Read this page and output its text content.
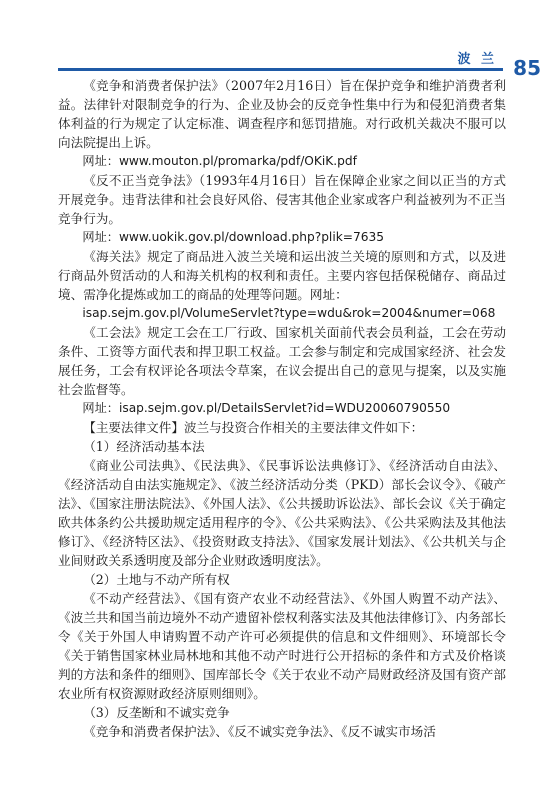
波 兰 85

《竞争和消费者保护法》（2007年2月16日）旨在保护竞争和维护消费者利益。法律针对限制竞争的行为、企业及协会的反竞争性集中行为和侵犯消费者集体利益的行为规定了认定标准、调查程序和惩罚措施。对行政机关裁决不服可以向法院提出上诉。

网址：www.mouton.pl/promarka/pdf/OKiK.pdf

《反不正当竞争法》（1993年4月16日）旨在保障企业家之间以正当的方式开展竞争。违背法律和社会良好风俗、侵害其他企业家或客户利益被列为不正当竞争行为。

网址：www.uokik.gov.pl/download.php?plik=7635

《海关法》规定了商品进入波兰关境和运出波兰关境的原则和方式，以及进行商品外贸活动的人和海关机构的权利和责任。主要内容包括保税储存、商品过境、需净化提炼或加工的商品的处理等问题。网址：

isap.sejm.gov.pl/VolumeServlet?type=wdu&rok=2004&numer=068

《工会法》规定工会在工厂行政、国家机关面前代表会员利益，工会在劳动条件、工资等方面代表和捍卫职工权益。工会参与制定和完成国家经济、社会发展任务，工会有权评论各项法令草案，在议会提出自己的意见与提案，以及实施社会监督等。

网址：isap.sejm.gov.pl/DetailsServlet?id=WDU20060790550

【主要法律文件】波兰与投资合作相关的主要法律文件如下：

（1）经济活动基本法

《商业公司法典》、《民法典》、《民事诉讼法典修订》、《经济活动自由法》、《经济活动自由法实施规定》、《波兰经济活动分类（PKD）部长会议令》、《破产法》、《国家注册法院法》、《外国人法》、《公共援助诉讼法》、部长会议《关于确定欧共体条约公共援助规定适用程序的令》、《公共采购法》、《公共采购法及其他法修订》、《经济特区法》、《投资财政支持法》、《国家发展计划法》、《公共机关与企业间财政关系透明度及部分企业财政透明度法》。

（2）土地与不动产所有权

《不动产经营法》、《国有资产农业不动经营法》、《外国人购置不动产法》、《波兰共和国当前边境外不动产遗留补偿权利落实法及其他法律修订》、内务部长令《关于外国人申请购置不动产许可必须提供的信息和文件细则》、环境部长令《关于销售国家林业局林地和其他不动产时进行公开招标的条件和方式及价格谈判的方法和条件的细则》、国库部长令《关于农业不动产局财政经济及国有资产部农业所有权资源财政经济原则细则》。

（3）反垄断和不诚实竞争

《竞争和消费者保护法》、《反不诚实竞争法》、《反不诚实市场活
